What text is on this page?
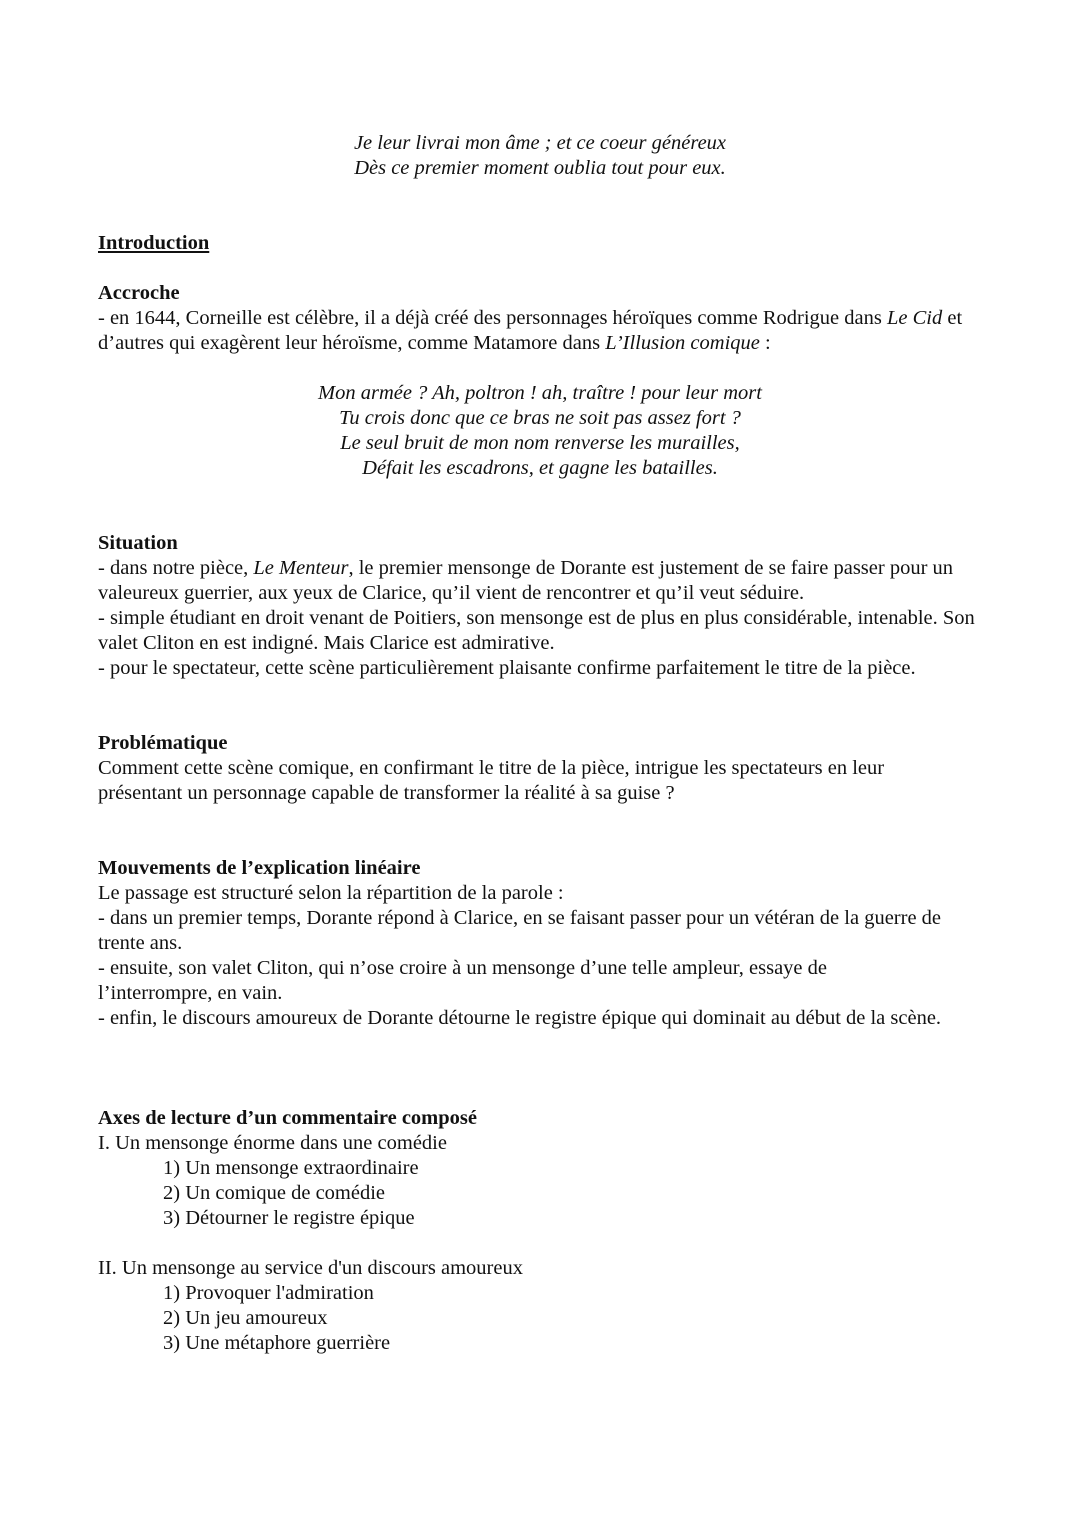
Je leur livrai mon âme ; et ce coeur généreux
Dès ce premier moment oublia tout pour eux.
Introduction
Accroche
- en 1644, Corneille est célèbre, il a déjà créé des personnages héroïques comme Rodrigue dans Le Cid et d’autres qui exagèrent leur héroïsme, comme Matamore dans L’Illusion comique :
Mon armée ? Ah, poltron ! ah, traître ! pour leur mort
Tu crois donc que ce bras ne soit pas assez fort ?
Le seul bruit de mon nom renverse les murailles,
Défait les escadrons, et gagne les batailles.
Situation
- dans notre pièce, Le Menteur, le premier mensonge de Dorante est justement de se faire passer pour un valeureux guerrier, aux yeux de Clarice, qu’il vient de rencontrer et qu’il veut séduire.
- simple étudiant en droit venant de Poitiers, son mensonge est de plus en plus considérable, intenable. Son valet Cliton en est indigné. Mais Clarice est admirative.
- pour le spectateur, cette scène particulièrement plaisante confirme parfaitement le titre de la pièce.
Problématique
Comment cette scène comique, en confirmant le titre de la pièce, intrigue les spectateurs en leur présentant un personnage capable de transformer la réalité à sa guise ?
Mouvements de l’explication linéaire
Le passage est structuré selon la répartition de la parole :
- dans un premier temps, Dorante répond à Clarice, en se faisant passer pour un vétéran de la guerre de trente ans.
- ensuite, son valet Cliton, qui n’ose croire à un mensonge d’une telle ampleur, essaye de l’interrompre, en vain.
- enfin, le discours amoureux de Dorante détourne le registre épique qui dominait au début de la scène.
Axes de lecture d’un commentaire composé
I. Un mensonge énorme dans une comédie
1) Un mensonge extraordinaire
2) Un comique de comédie
3) Détourner le registre épique
II. Un mensonge au service d'un discours amoureux
1) Provoquer l'admiration
2) Un jeu amoureux
3) Une métaphore guerrière
